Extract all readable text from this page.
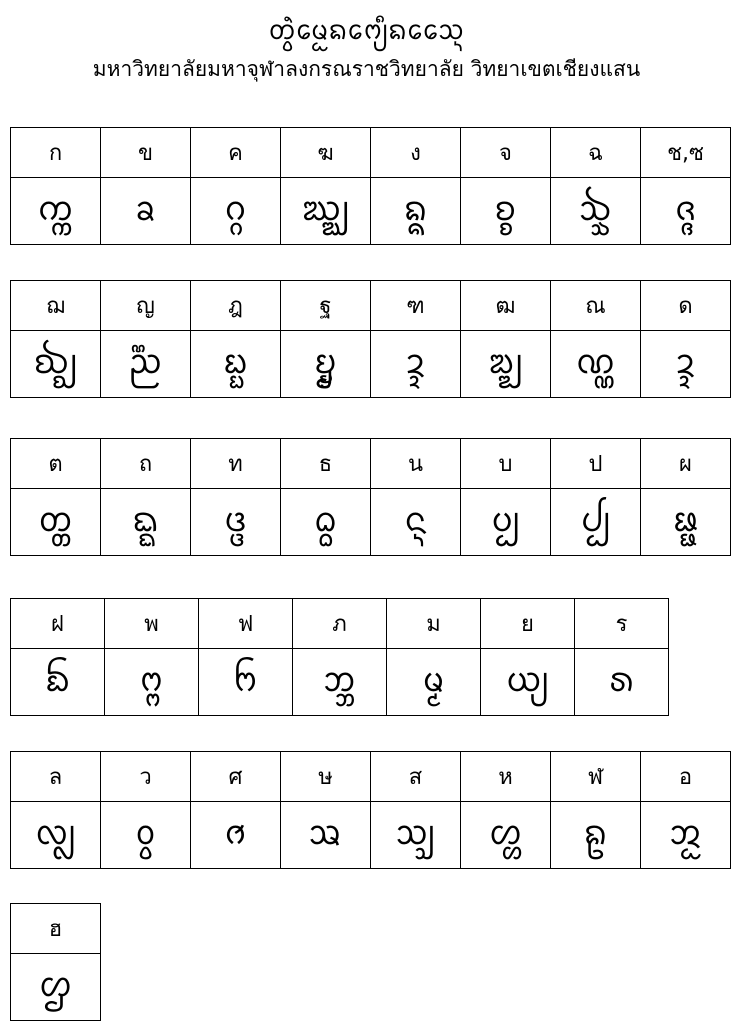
ᨲ᩠ᩅᩫᨾᩮᩬᨦᨻᩮ᩠ᨿᩥᨦᩈᩯ᩠ᨶ
มหาวิทยาลัยมหาจุฬาลงกรณราชวิทยาลัย วิทยาเขตเชียงแสน
ก	ข	ค	ฆ	ง	จ	ฉ	ช,ซ
ᨠ᩠ᨠ	ᨡ	ᨣ᩠ᨣ	ᨥ᩠ᨥ	ᨦ᩠ᨦ	ᨧ᩠ᨧ	ᨨ᩠ᨨ	ᨩ᩠ᨩ
ฌ	ญ	ฎ	ฐ	ฑ	ฒ	ณ	ด
ᨫ᩠ᨫ	ᨬ᩠ᨬ	ᨭ᩠ᨭ	ᨮ᩠ᨮ	ᨯ᩠ᨯ	ᨰ᩠ᨰ	ᨱ᩠ᨱ	ᨯ᩠ᨯ
ต	ถ	ท	ธ	น	บ	ป	ผ
ᨲ᩠ᨲ	ᨳ᩠ᨳ	ᨴ᩠ᨴ	ᨵ᩠ᨵ	ᨶ᩠ᨶ	ᨷ᩠ᨷ	ᨸ᩠ᨸ	ᨹ᩠ᨹ
ฝ	พ	ฟ	ภ	ม	ย	ร
ᨺ	ᨻ᩠ᨻ	ᨼ	ᨽ᩠ᨽ	ᨾ᩠ᨾ	ᨿ᩠ᨿ	ᩁ
ล	ว	ศ	ษ	ส	ห	ฬ	อ
ᩃ᩠ᩃ	ᩅ᩠ᩅ	ᩆ	ᩇ	ᩈ᩠ᩈ	ᩉ᩠ᩉ	ᩊ	ᩋ᩠ᩋ
ฮ
ᩌ
